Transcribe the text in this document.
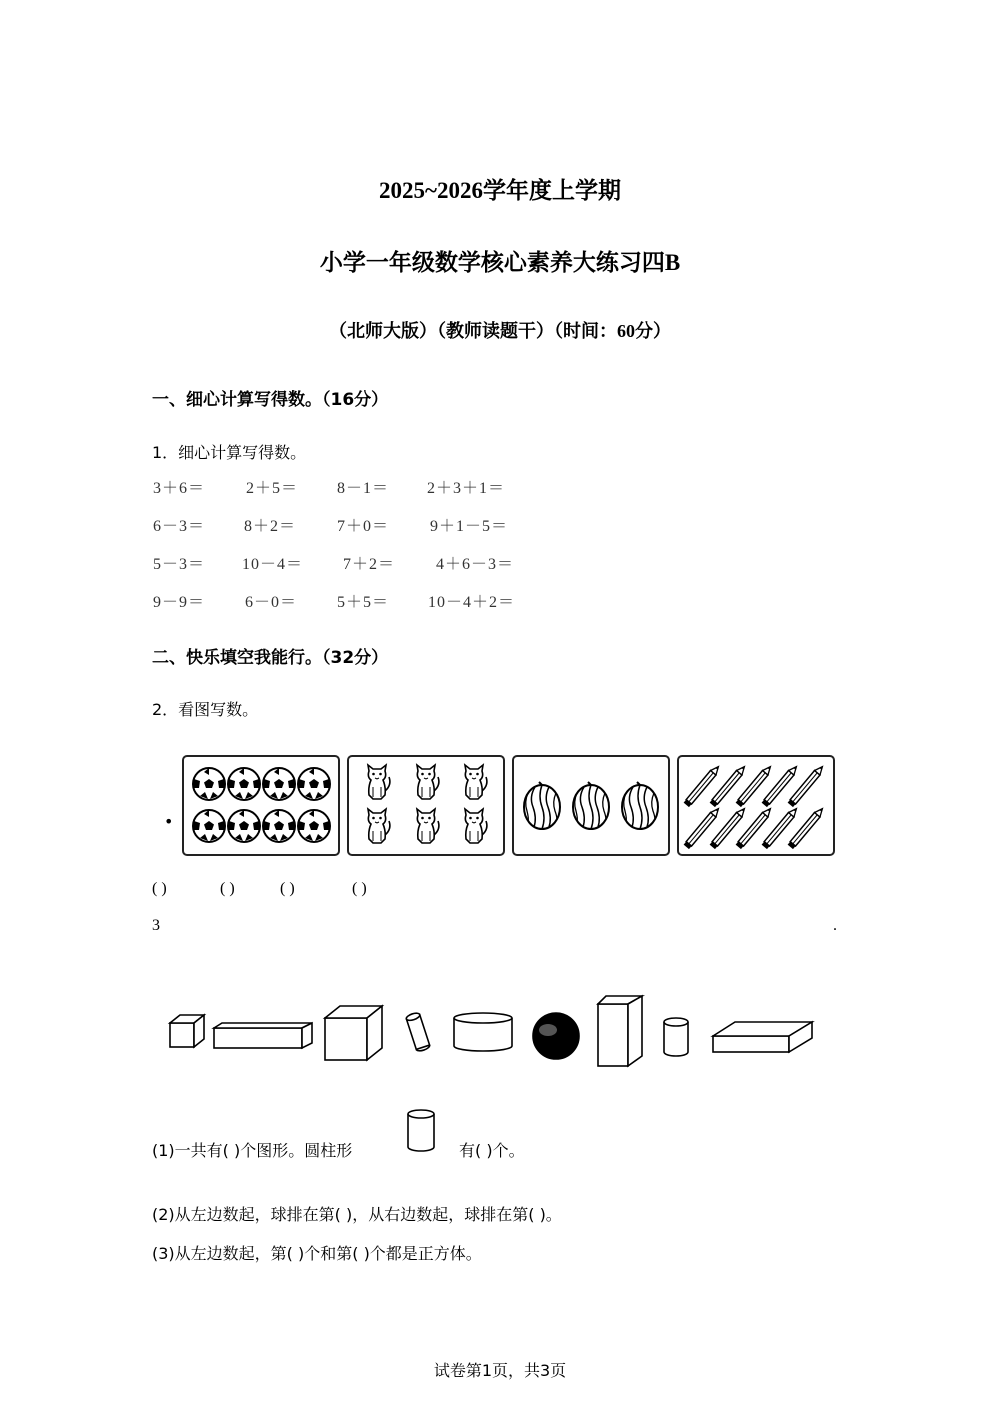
2025~2026学年度上学期
小学一年级数学核心素养大练习四B
（北师大版）（教师读题干）（时间：60分）
一、细心计算写得数。（16分）
1．细心计算写得数。
3＋6＝	2＋5＝ 8－1＝ 2＋3＋1＝
6－3＝ 8＋2＝	7＋0＝	9＋1－5＝
5－3＝ 10－4＝ 7＋2＝	4＋6－3＝
9－9＝ 6－0＝ 5＋5＝ 10－4＋2＝
二、快乐填空我能行。（32分）
2．看图写数。
•
( )	( )	( )	( )
3	.
(1)一共有( )个图形。圆柱形	有( )个。
(2)从左边数起，球排在第( )，从右边数起，球排在第( )。
(3)从左边数起，第( )个和第( )个都是正方体。
试卷第1页，共3页
